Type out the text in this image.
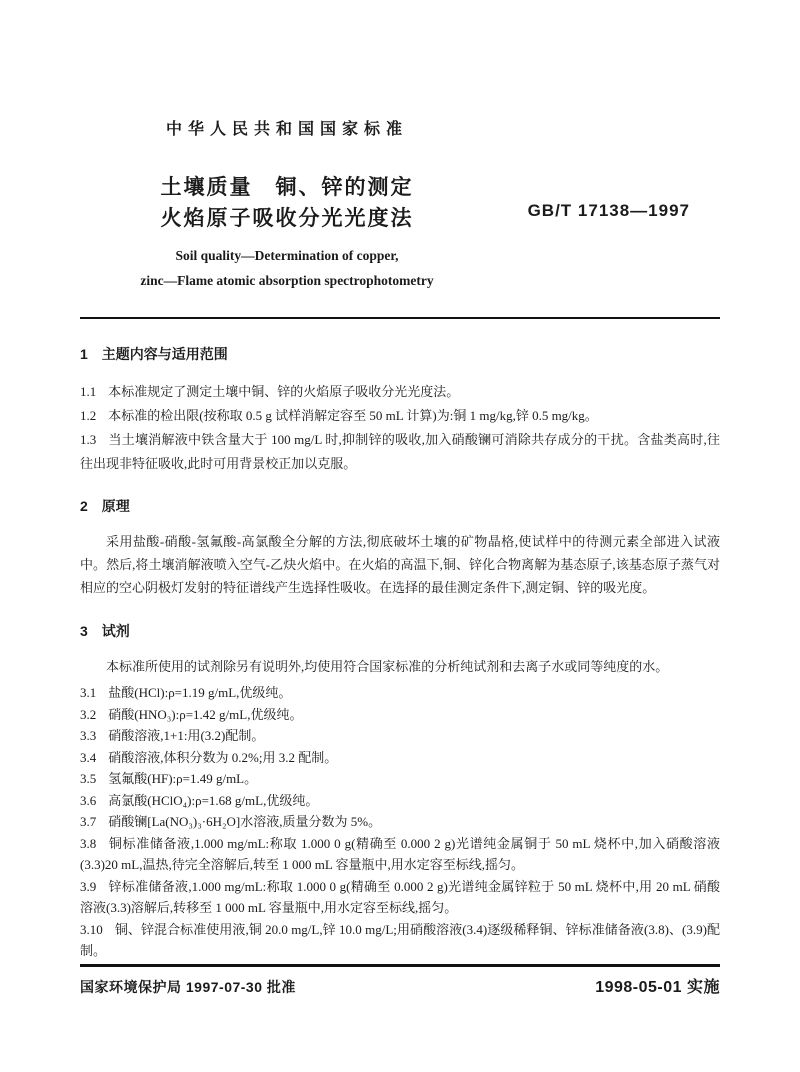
中华人民共和国国家标准
土壤质量　铜、锌的测定
火焰原子吸收分光光度法	GB/T 17138—1997
Soil quality—Determination of copper,
zinc—Flame atomic absorption spectrophotometry
1 主题内容与适用范围

1.1 本标准规定了测定土壤中铜、锌的火焰原子吸收分光光度法。

1.2 本标准的检出限(按称取 0.5 g 试样消解定容至 50 mL 计算)为:铜 1 mg/kg,锌 0.5 mg/kg。

1.3 当土壤消解液中铁含量大于 100 mg/L 时,抑制锌的吸收,加入硝酸镧可消除共存成分的干扰。含盐类高时,往往出现非特征吸收,此时可用背景校正加以克服。

2 原理

采用盐酸-硝酸-氢氟酸-高氯酸全分解的方法,彻底破坏土壤的矿物晶格,使试样中的待测元素全部进入试液中。然后,将土壤消解液喷入空气-乙炔火焰中。在火焰的高温下,铜、锌化合物离解为基态原子,该基态原子蒸气对相应的空心阴极灯发射的特征谱线产生选择性吸收。在选择的最佳测定条件下,测定铜、锌的吸光度。

3 试剂

本标准所使用的试剂除另有说明外,均使用符合国家标准的分析纯试剂和去离子水或同等纯度的水。

3.1 盐酸(HCl):ρ=1.19 g/mL,优级纯。

3.2 硝酸(HNO₃):ρ=1.42 g/mL,优级纯。

3.3 硝酸溶液,1+1:用(3.2)配制。

3.4 硝酸溶液,体积分数为 0.2%;用 3.2 配制。

3.5 氢氟酸(HF):ρ=1.49 g/mL。

3.6 高氯酸(HClO₄):ρ=1.68 g/mL,优级纯。

3.7 硝酸镧[La(NO₃)₃·6H₂O]水溶液,质量分数为 5%。

3.8 铜标准储备液,1.000 mg/mL:称取 1.000 0 g(精确至 0.000 2 g)光谱纯金属铜于 50 mL 烧杯中,加入硝酸溶液(3.3)20 mL,温热,待完全溶解后,转至 1 000 mL 容量瓶中,用水定容至标线,摇匀。

3.9 锌标准储备液,1.000 mg/mL:称取 1.000 0 g(精确至 0.000 2 g)光谱纯金属锌粒于 50 mL 烧杯中,用 20 mL 硝酸溶液(3.3)溶解后,转移至 1 000 mL 容量瓶中,用水定容至标线,摇匀。

3.10 铜、锌混合标准使用液,铜 20.0 mg/L,锌 10.0 mg/L;用硝酸溶液(3.4)逐级稀释铜、锌标准储备液(3.8)、(3.9)配制。

国家环境保护局 1997-07-30 批准	1998-05-01 实施
